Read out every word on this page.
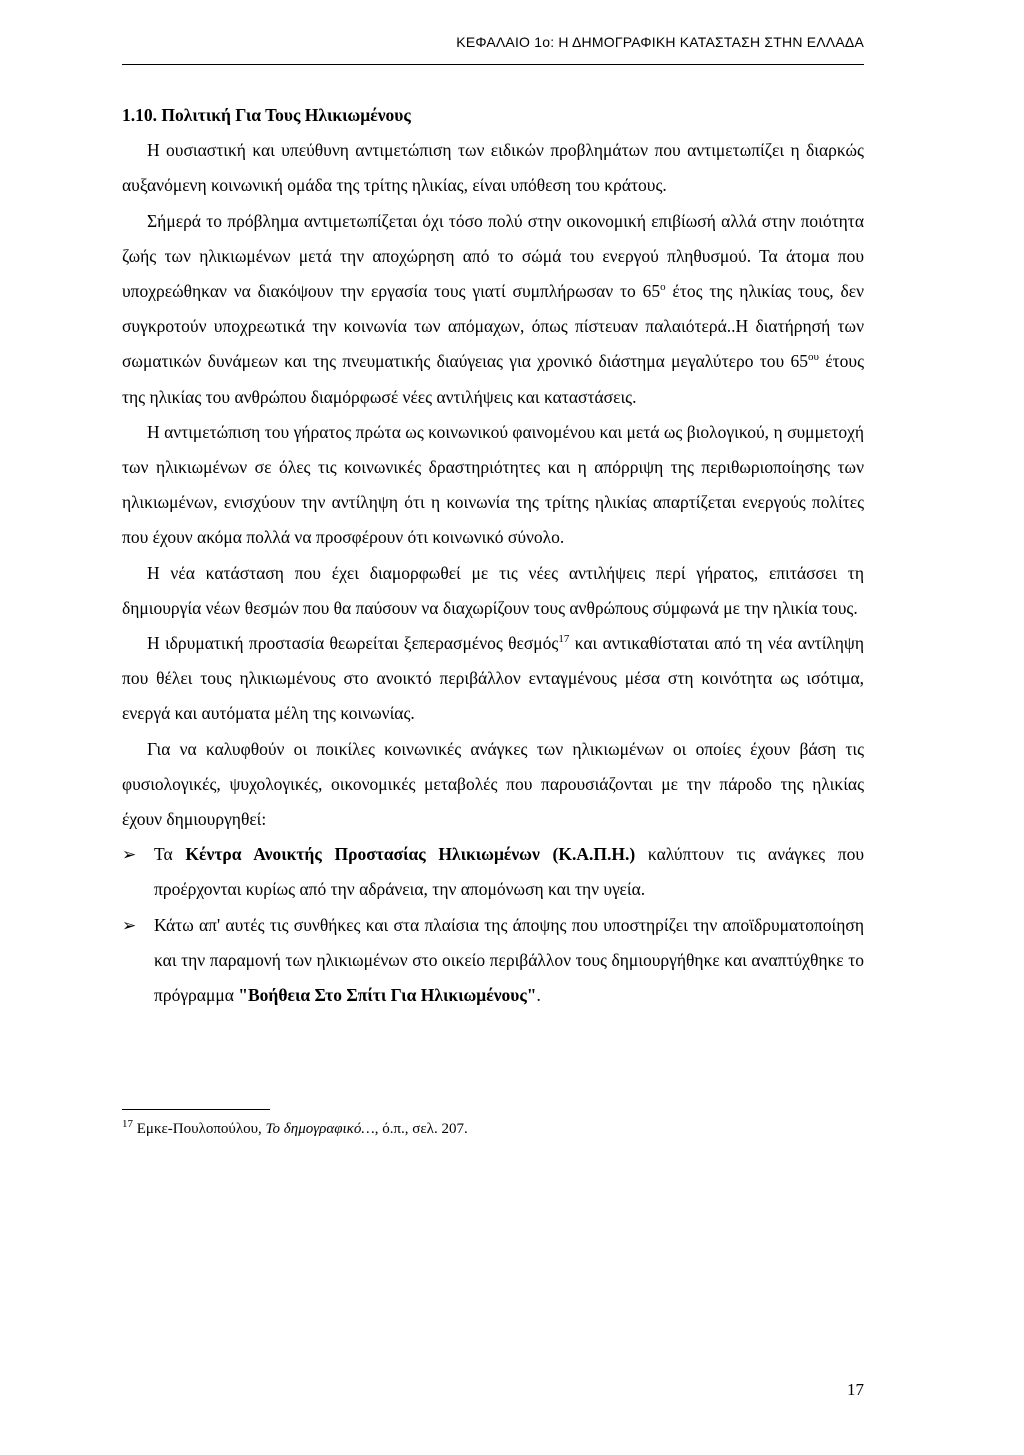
ΚΕΦΑΛΑΙΟ 1ο: Η ΔΗΜΟΓΡΑΦΙΚΗ ΚΑΤΑΣΤΑΣΗ ΣΤΗΝ ΕΛΛΑΔΑ

1.10. Πολιτική Για Τους Ηλικιωμένους

Η ουσιαστική και υπεύθυνη αντιμετώπιση των ειδικών προβλημάτων που αντιμετωπίζει η διαρκώς αυξανόμενη κοινωνική ομάδα της τρίτης ηλικίας, είναι υπόθεση του κράτους.

Σήμερά το πρόβλημα αντιμετωπίζεται όχι τόσο πολύ στην οικονομική επιβίωσή αλλά στην ποιότητα ζωής των ηλικιωμένων μετά την αποχώρηση από το σώμά του ενεργού πληθυσμού. Τα άτομα που υποχρεώθηκαν να διακόψουν την εργασία τους γιατί συμπλήρωσαν το $65^o$ έτος της ηλικίας τους, δεν συγκροτούν υποχρεωτικά την κοινωνία των απόμαχων, όπως πίστευαν παλαιότερά..Η διατήρησή των σωματικών δυνάμεων και της πνευματικής διαύγειας για χρονικό διάστημα μεγαλύτερο του $65^{o\upsilon}$ έτους της ηλικίας του ανθρώπου διαμόρφωσέ νέες αντιλήψεις και καταστάσεις.

Η αντιμετώπιση του γήρατος πρώτα ως κοινωνικού φαινομένου και μετά ως βιολογικού, η συμμετοχή των ηλικιωμένων σε όλες τις κοινωνικές δραστηριότητες και η απόρριψη της περιθωριοποίησης των ηλικιωμένων, ενισχύουν την αντίληψη ότι η κοινωνία της τρίτης ηλικίας απαρτίζεται ενεργούς πολίτες που έχουν ακόμα πολλά να προσφέρουν ότι κοινωνικό σύνολο.

Η νέα κατάσταση που έχει διαμορφωθεί με τις νέες αντιλήψεις περί γήρατος, επιτάσσει τη δημιουργία νέων θεσμών που θα παύσουν να διαχωρίζουν τους ανθρώπους σύμφωνά με την ηλικία τους.

Η ιδρυματική προστασία θεωρείται ξεπερασμένος θεσμός$^{17}$ και αντικαθίσταται από τη νέα αντίληψη που θέλει τους ηλικιωμένους στο ανοικτό περιβάλλον ενταγμένους μέσα στη κοινότητα ως ισότιμα, ενεργά και αυτόματα μέλη της κοινωνίας.

Για να καλυφθούν οι ποικίλες κοινωνικές ανάγκες των ηλικιωμένων οι οποίες έχουν βάση τις φυσιολογικές, ψυχολογικές, οικονομικές μεταβολές που παρουσιάζονται με την πάροδο της ηλικίας έχουν δημιουργηθεί:

➢ Τα Κέντρα Ανοικτής Προστασίας Ηλικιωμένων (Κ.Α.Π.Η.) καλύπτουν τις ανάγκες που προέρχονται κυρίως από την αδράνεια, την απομόνωση και την υγεία.
➢ Κάτω απ' αυτές τις συνθήκες και στα πλαίσια της άποψης που υποστηρίζει την αποϊδρυματοποίηση και την παραμονή των ηλικιωμένων στο οικείο περιβάλλον τους δημιουργήθηκε και αναπτύχθηκε το πρόγραμμα "Βοήθεια Στο Σπίτι Για Ηλικιωμένους".
$^{17}$ Εμκε-Πουλοπούλου, Το δημογραφικό…, ό.π., σελ. 207.
17
